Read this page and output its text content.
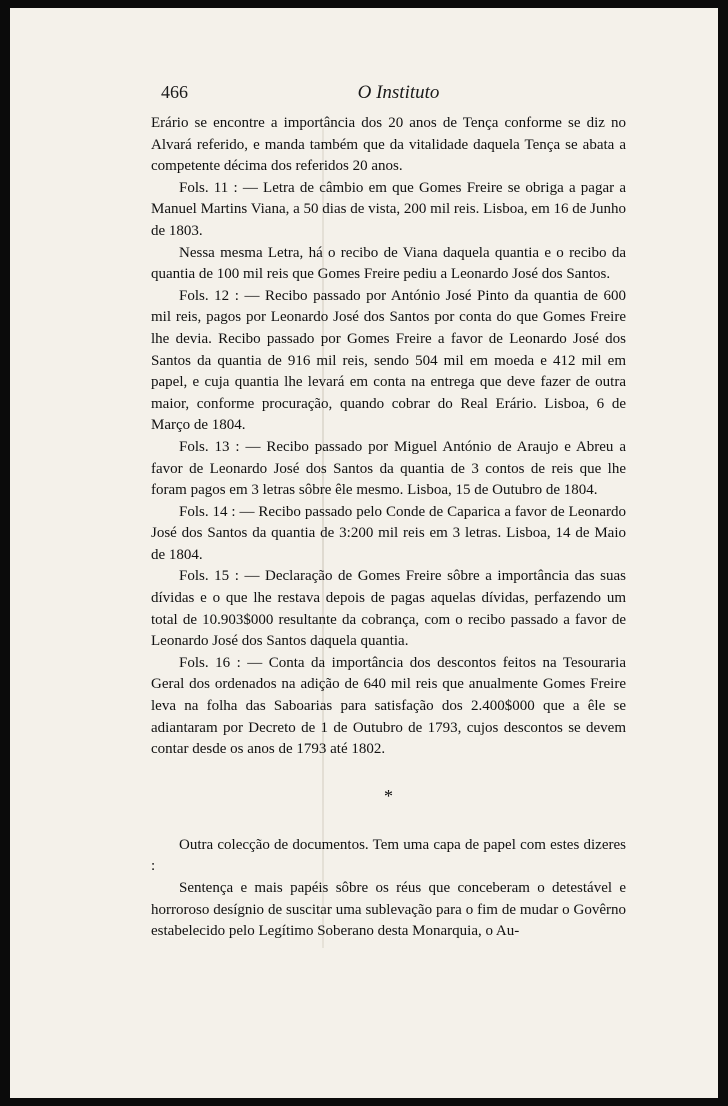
466	O Instituto

Erário se encontre a importância dos 20 anos de Tença conforme se diz no Alvará referido, e manda também que da vitalidade daquela Tença se abata a competente décima dos referidos 20 anos.

Fols. 11 : — Letra de câmbio em que Gomes Freire se obriga a pagar a Manuel Martins Viana, a 50 dias de vista, 200 mil reis. Lisboa, em 16 de Junho de 1803.

Nessa mesma Letra, há o recibo de Viana daquela quantia e o recibo da quantia de 100 mil reis que Gomes Freire pediu a Leonardo José dos Santos.

Fols. 12 : — Recibo passado por António José Pinto da quantia de 600 mil reis, pagos por Leonardo José dos Santos por conta do que Gomes Freire lhe devia. Recibo passado por Gomes Freire a favor de Leonardo José dos Santos da quantia de 916 mil reis, sendo 504 mil em moeda e 412 mil em papel, e cuja quantia lhe levará em conta na entrega que deve fazer de outra maior, conforme procuração, quando cobrar do Real Erário. Lisboa, 6 de Março de 1804.

Fols. 13 : — Recibo passado por Miguel António de Araujo e Abreu a favor de Leonardo José dos Santos da quantia de 3 contos de reis que lhe foram pagos em 3 letras sôbre êle mesmo. Lisboa, 15 de Outubro de 1804.

Fols. 14 : — Recibo passado pelo Conde de Caparica a favor de Leonardo José dos Santos da quantia de 3:200 mil reis em 3 letras. Lisboa, 14 de Maio de 1804.

Fols. 15 : — Declaração de Gomes Freire sôbre a importância das suas dívidas e o que lhe restava depois de pagas aquelas dívidas, perfazendo um total de 10.903$000 resultante da cobrança, com o recibo passado a favor de Leonardo José dos Santos daquela quantia.

Fols. 16 : — Conta da importância dos descontos feitos na Tesouraria Geral dos ordenados na adição de 640 mil reis que anualmente Gomes Freire leva na folha das Saboarias para satisfação dos 2.400$000 que a êle se adiantaram por Decreto de 1 de Outubro de 1793, cujos descontos se devem contar desde os anos de 1793 até 1802.

*

Outra colecção de documentos. Tem uma capa de papel com estes dizeres :

Sentença e mais papéis sôbre os réus que conceberam o detestável e horroroso desígnio de suscitar uma sublevação para o fim de mudar o Govêrno estabelecido pelo Legítimo Soberano desta Monarquia, o Au-
